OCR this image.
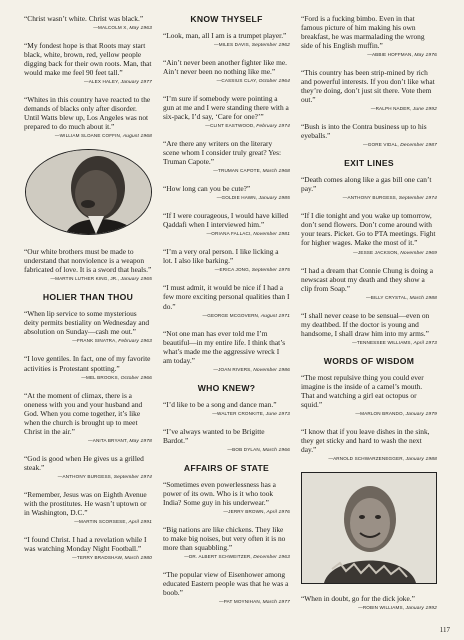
“Christ wasn’t white. Christ was black.”

—MALCOLM X, May 1963

“My fondest hope is that Roots may start black, white, brown, red, yellow people digging back for their own roots. Man, that would make me feel 90 feet tall.”

—ALEX HALEY, January 1977

“Whites in this country have reacted to the demands of blacks only after disorder. Until Watts blew up, Los Angeles was not prepared to do much about it.”

—WILLIAM SLOANE COFFIN, August 1968

“Our white brothers must be made to understand that nonviolence is a weapon fabricated of love. It is a sword that heals.”

—MARTIN LUTHER KING, JR., January 1965

HOLIER THAN THOU

“When lip service to some mysterious deity permits bestiality on Wednesday and absolution on Sunday—cash me out.”

—FRANK SINATRA, February 1963

“I love gentiles. In fact, one of my favorite activities is Protestant spotting.”

—MEL BROOKS, October 1966

“At the moment of climax, there is a oneness with you and your husband and God. When you come together, it’s like when the church is brought up to meet Christ in the air.”

—ANITA BRYANT, May 1978

“God is good when He gives us a grilled steak.”

—ANTHONY BURGESS, September 1974

“Remember, Jesus was on Eighth Avenue with the prostitutes. He wasn’t uptown or in Washington, D.C.”

—MARTIN SCORSESE, April 1991

“I found Christ. I had a revelation while I was watching Monday Night Football.”

—TERRY BRADSHAW, March 1980

KNOW THYSELF

“Look, man, all I am is a trumpet player.”

—MILES DAVIS, September 1962

“Ain’t never been another fighter like me. Ain’t never been no nothing like me.”

—CASSIUS CLAY, October 1964

“I’m sure if somebody were pointing a gun at me and I were standing there with a six-pack, I’d say, ‘Care for one?’”

—CLINT EASTWOOD, February 1974

“Are there any writers on the literary scene whom I consider truly great? Yes: Truman Capote.”

—TRUMAN CAPOTE, March 1968

“How long can you be cute?”

—GOLDIE HAWN, January 1985

“If I were courageous, I would have killed Qaddafi when I interviewed him.”

—ORIANA FALLACI, November 1981

“I’m a very oral person. I like licking a lot. I also like barking.”

—ERICA JONG, September 1975

“I must admit, it would be nice if I had a few more exciting personal qualities than I do.”

—GEORGE MCGOVERN, August 1971

“Not one man has ever told me I’m beautiful—in my entire life. I think that’s what’s made me the aggressive wreck I am today.”

—JOAN RIVERS, November 1986

WHO KNEW?

“I’d like to be a song and dance man.”

—WALTER CRONKITE, June 1973

“I’ve always wanted to be Brigitte Bardot.”

—BOB DYLAN, March 1966

AFFAIRS OF STATE

“Sometimes even powerlessness has a power of its own. Who is it who took India? Some guy in his underwear.”

—JERRY BROWN, April 1976

“Big nations are like chickens. They like to make big noises, but very often it is no more than squabbling.”

—DR. ALBERT SCHWEITZER, December 1963

“The popular view of Eisenhower among educated Eastern people was that he was a boob.”

—PAT MOYNIHAN, March 1977

“Ford is a fucking bimbo. Even in that famous picture of him making his own breakfast, he was marmalading the wrong side of his English muffin.”

—ABBIE HOFFMAN, May 1976

“This country has been strip-mined by rich and powerful interests. If you don’t like what they’re doing, don’t just sit there. Vote them out.”

—RALPH NADER, June 1992

“Bush is into the Contra business up to his eyeballs.”

—GORE VIDAL, December 1987

EXIT LINES

“Death comes along like a gas bill one can’t pay.”

—ANTHONY BURGESS, September 1974

“If I die tonight and you wake up tomorrow, don’t send flowers. Don’t come around with your tears. Picket. Go to PTA meetings. Fight for higher wages. Make the most of it.”

—JESSE JACKSON, November 1969

“I had a dream that Connie Chung is doing a newscast about my death and they show a clip from Soap.”

—BILLY CRYSTAL, March 1988

“I shall never cease to be sensual—even on my deathbed. If the doctor is young and handsome, I shall draw him into my arms.”

—TENNESSEE WILLIAMS, April 1973

WORDS OF WISDOM

“The most repulsive thing you could ever imagine is the inside of a camel’s mouth. That and watching a girl eat octopus or squid.”

—MARLON BRANDO, January 1979

“I know that if you leave dishes in the sink, they get sticky and hard to wash the next day.”

—ARNOLD SCHWARZENEGGER, January 1988

“When in doubt, go for the dick joke.”

—ROBIN WILLIAMS, January 1992

117
